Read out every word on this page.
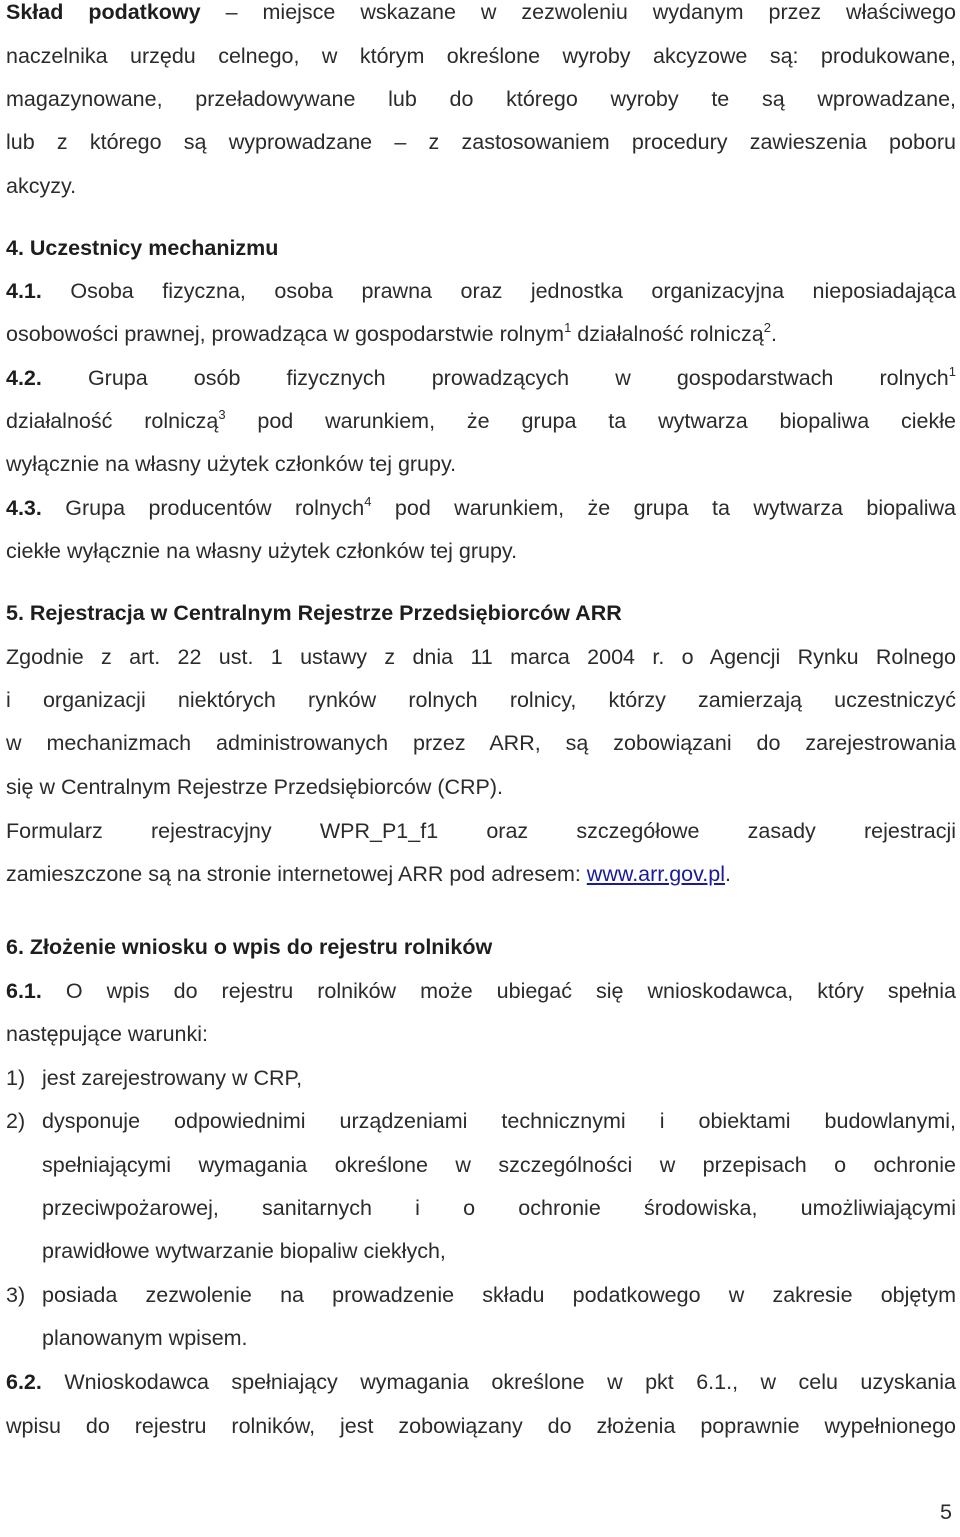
Skład podatkowy – miejsce wskazane w zezwoleniu wydanym przez właściwego
naczelnika urzędu celnego, w którym określone wyroby akcyzowe są: produkowane,
magazynowane, przeładowywane lub do którego wyroby te są wprowadzane,
lub z którego są wyprowadzane – z zastosowaniem procedury zawieszenia poboru
akcyzy.
4. Uczestnicy mechanizmu
4.1. Osoba fizyczna, osoba prawna oraz jednostka organizacyjna nieposiadająca
osobowości prawnej, prowadząca w gospodarstwie rolnym$^1$ działalność rolniczą$^2$.
4.2. Grupa osób fizycznych prowadzących w gospodarstwach rolnych$^1$
działalność rolniczą$^3$ pod warunkiem, że grupa ta wytwarza biopaliwa ciekłe
wyłącznie na własny użytek członków tej grupy.
4.3. Grupa producentów rolnych$^4$ pod warunkiem, że grupa ta wytwarza biopaliwa
ciekłe wyłącznie na własny użytek członków tej grupy.
5. Rejestracja w Centralnym Rejestrze Przedsiębiorców ARR
Zgodnie z art. 22 ust. 1 ustawy z dnia 11 marca 2004 r. o Agencji Rynku Rolnego
i organizacji niektórych rynków rolnych rolnicy, którzy zamierzają uczestniczyć
w mechanizmach administrowanych przez ARR, są zobowiązani do zarejestrowania
się w Centralnym Rejestrze Przedsiębiorców (CRP).
Formularz rejestracyjny WPR_P1_f1 oraz szczegółowe zasady rejestracji
zamieszczone są na stronie internetowej ARR pod adresem: www.arr.gov.pl.
6. Złożenie wniosku o wpis do rejestru rolników
6.1. O wpis do rejestru rolników może ubiegać się wnioskodawca, który spełnia
następujące warunki:
1) jest zarejestrowany w CRP,
2) dysponuje odpowiednimi urządzeniami technicznymi i obiektami budowlanymi,
spełniającymi wymagania określone w szczególności w przepisach o ochronie
przeciwpożarowej, sanitarnych i o ochronie środowiska, umożliwiającymi
prawidłowe wytwarzanie biopaliw ciekłych,
3) posiada zezwolenie na prowadzenie składu podatkowego w zakresie objętym
planowanym wpisem.
6.2. Wnioskodawca spełniający wymagania określone w pkt 6.1., w celu uzyskania
wpisu do rejestru rolników, jest zobowiązany do złożenia poprawnie wypełnionego
5
